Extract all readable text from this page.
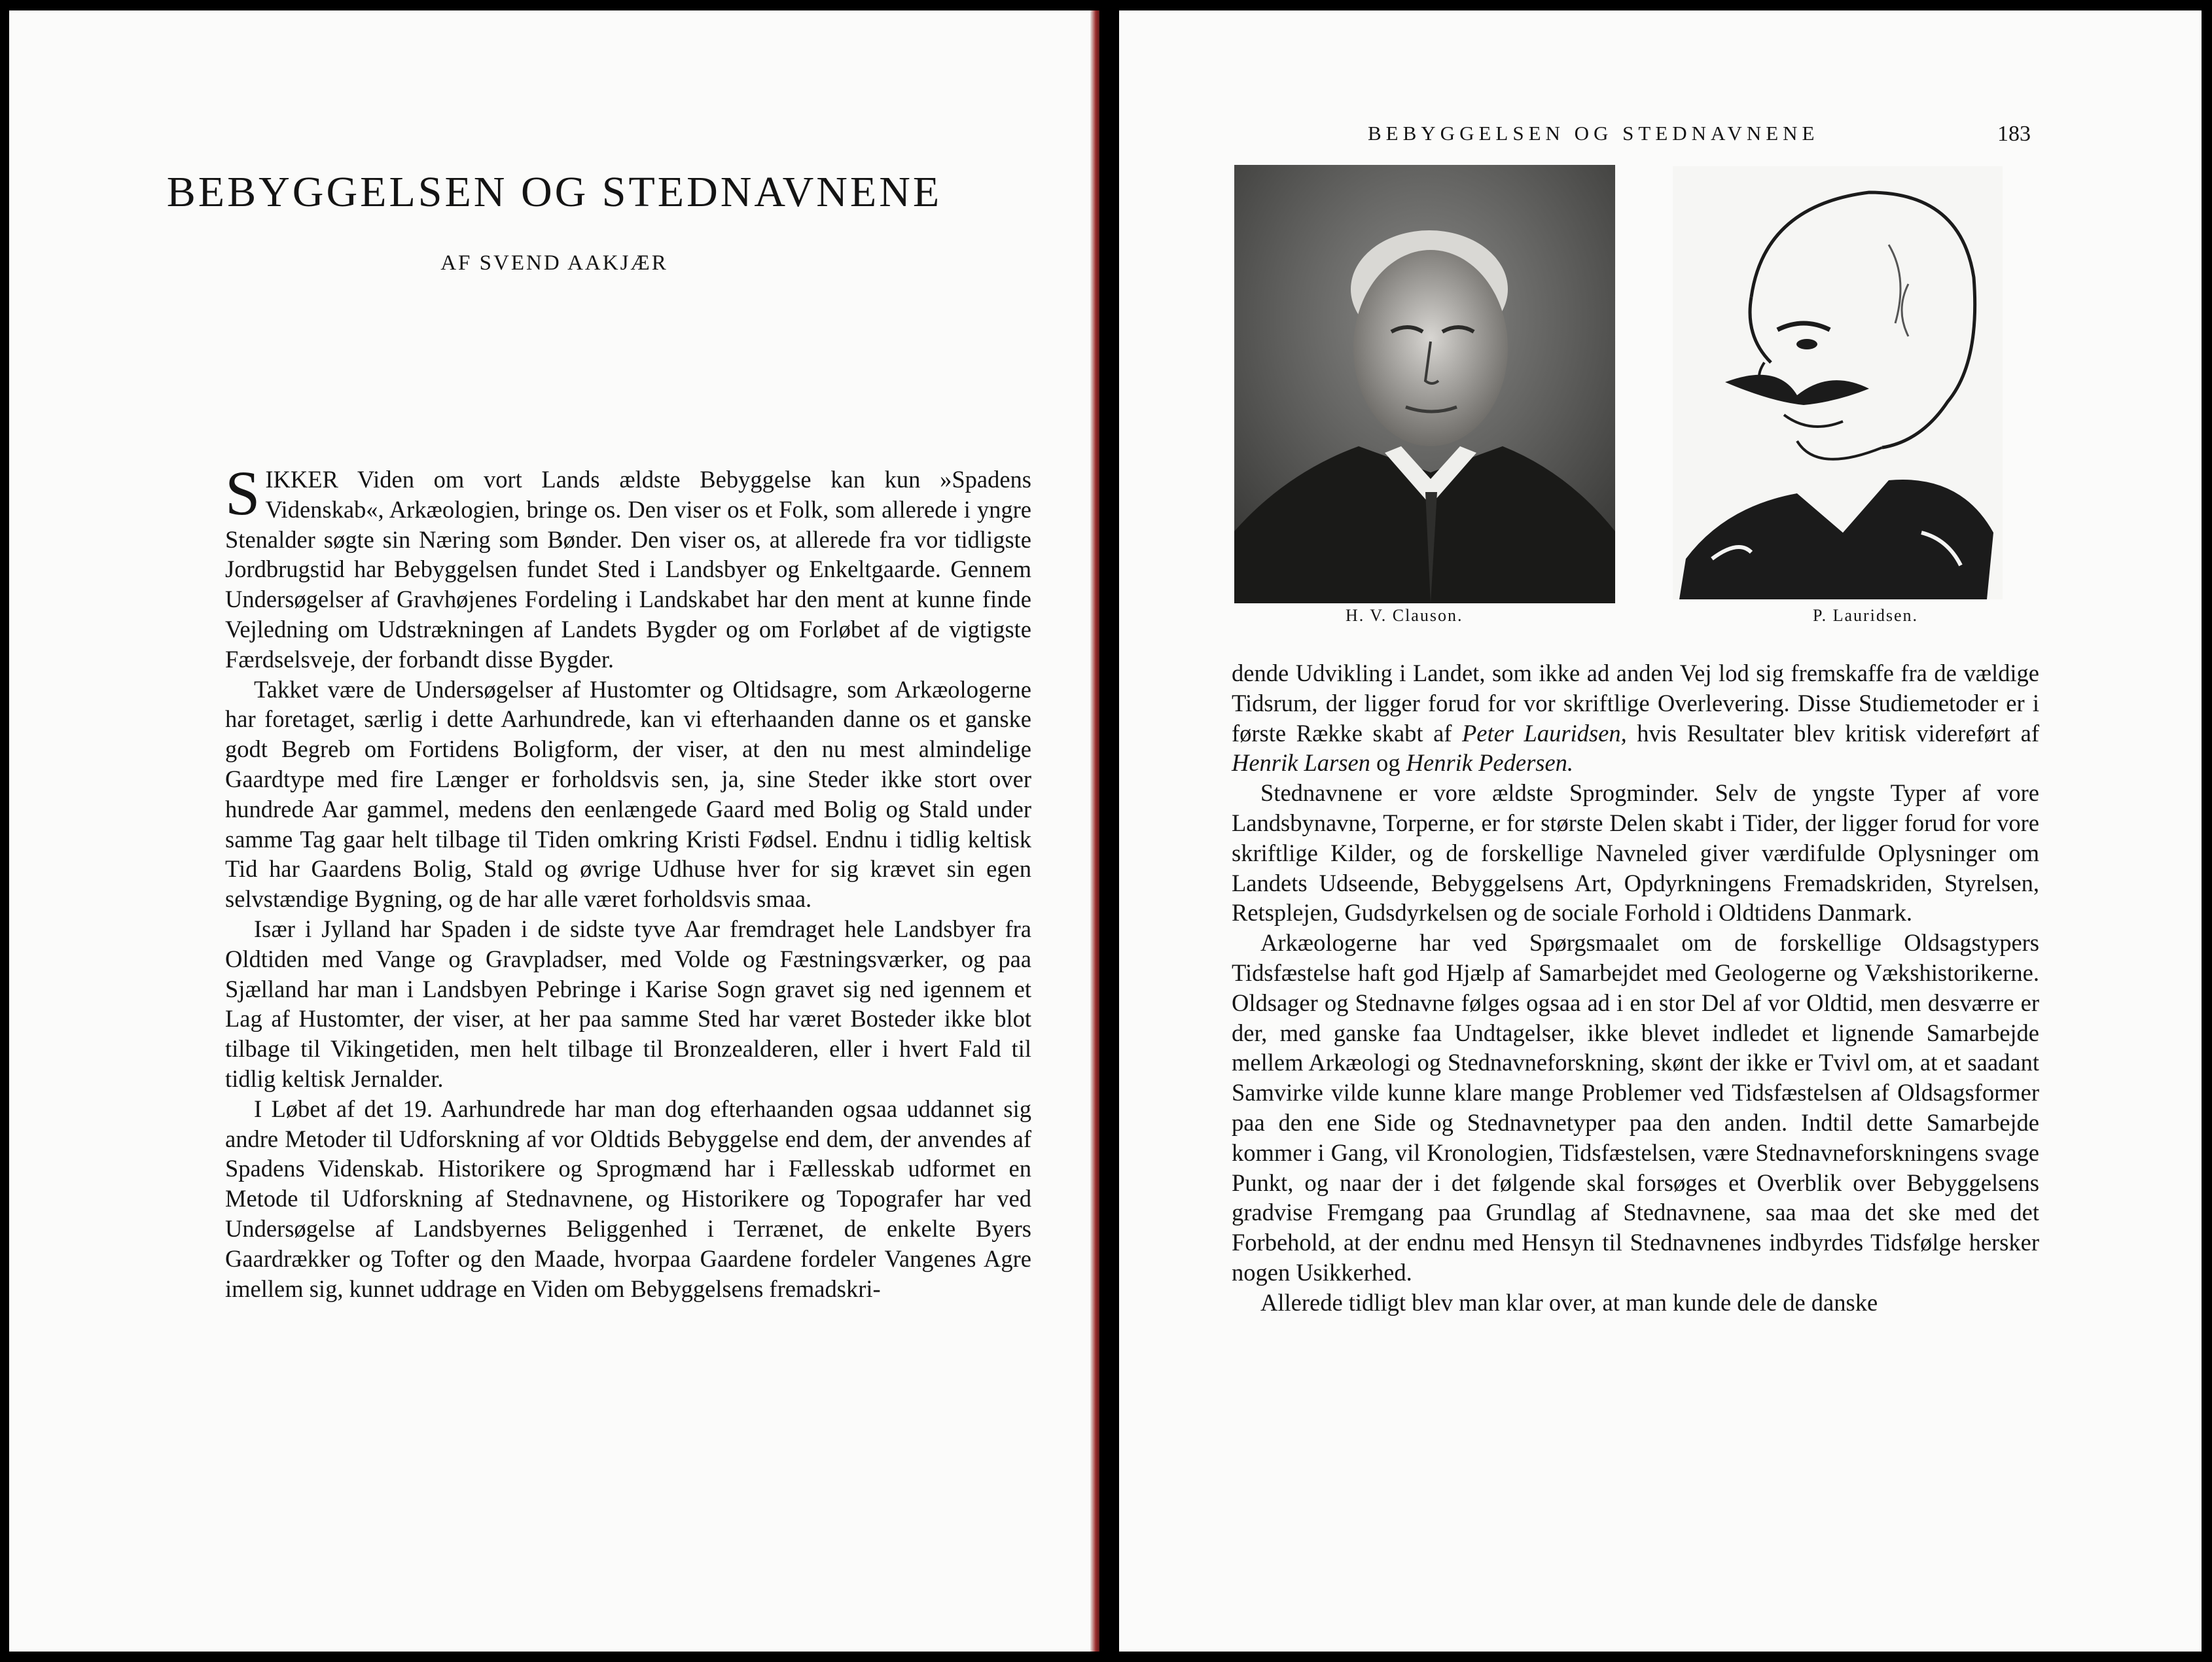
BEBYGGELSEN OG STEDNAVNENE
AF SVEND AAKJÆR

SIKKER Viden om vort Lands ældste Bebyggelse kan kun »Spadens Videnskab«, Arkæologien, bringe os. Den viser os et Folk, som allerede i yngre Stenalder søgte sin Næring som Bønder. Den viser os, at allerede fra vor tidligste Jordbrugstid har Bebyggelsen fundet Sted i Landsbyer og Enkeltgaarde. Gennem Undersøgelser af Gravhøjenes Fordeling i Landskabet har den ment at kunne finde Vejledning om Udstrækningen af Landets Bygder og om Forløbet af de vigtigste Færdselsveje, der forbandt disse Bygder.

Takket være de Undersøgelser af Hustomter og Oltidsagre, som Arkæologerne har foretaget, særlig i dette Aarhundrede, kan vi efterhaanden danne os et ganske godt Begreb om Fortidens Boligform, der viser, at den nu mest almindelige Gaardtype med fire Længer er forholdsvis sen, ja, sine Steder ikke stort over hundrede Aar gammel, medens den eenlængede Gaard med Bolig og Stald under samme Tag gaar helt tilbage til Tiden omkring Kristi Fødsel. Endnu i tidlig keltisk Tid har Gaardens Bolig, Stald og øvrige Udhuse hver for sig krævet sin egen selvstændige Bygning, og de har alle været forholdsvis smaa.

Især i Jylland har Spaden i de sidste tyve Aar fremdraget hele Landsbyer fra Oldtiden med Vange og Gravpladser, med Volde og Fæstningsværker, og paa Sjælland har man i Landsbyen Pebringe i Karise Sogn gravet sig ned igennem et Lag af Hustomter, der viser, at her paa samme Sted har været Bosteder ikke blot tilbage til Vikingetiden, men helt tilbage til Bronzealderen, eller i hvert Fald til tidlig keltisk Jernalder.

I Løbet af det 19. Aarhundrede har man dog efterhaanden ogsaa uddannet sig andre Metoder til Udforskning af vor Oldtids Bebyggelse end dem, der anvendes af Spadens Videnskab. Historikere og Sprogmænd har i Fællesskab udformet en Metode til Udforskning af Stednavnene, og Historikere og Topografer har ved Undersøgelse af Landsbyernes Beliggenhed i Terrænet, de enkelte Byers Gaardrækker og Tofter og den Maade, hvorpaa Gaardene fordeler Vangenes Agre imellem sig, kunnet uddrage en Viden om Bebyggelsens fremadskri-

BEBYGGELSEN OG STEDNAVNENE	183
H. V. Clauson.	P. Lauridsen.

dende Udvikling i Landet, som ikke ad anden Vej lod sig fremskaffe fra de vældige Tidsrum, der ligger forud for vor skriftlige Overlevering. Disse Studiemetoder er i første Række skabt af Peter Lauridsen, hvis Resultater blev kritisk videreført af Henrik Larsen og Henrik Pedersen.

Stednavnene er vore ældste Sprogminder. Selv de yngste Typer af vore Landsbynavne, Torperne, er for største Delen skabt i Tider, der ligger forud for vore skriftlige Kilder, og de forskellige Navneled giver værdifulde Oplysninger om Landets Udseende, Bebyggelsens Art, Opdyrkningens Fremadskriden, Styrelsen, Retsplejen, Gudsdyrkelsen og de sociale Forhold i Oldtidens Danmark.

Arkæologerne har ved Spørgsmaalet om de forskellige Oldsagstypers Tidsfæstelse haft god Hjælp af Samarbejdet med Geologerne og Vækshistorikerne. Oldsager og Stednavne følges ogsaa ad i en stor Del af vor Oldtid, men desværre er der, med ganske faa Undtagelser, ikke blevet indledet et lignende Samarbejde mellem Arkæologi og Stednavneforskning, skønt der ikke er Tvivl om, at et saadant Samvirke vilde kunne klare mange Problemer ved Tidsfæstelsen af Oldsagsformer paa den ene Side og Stednavnetyper paa den anden. Indtil dette Samarbejde kommer i Gang, vil Kronologien, Tidsfæstelsen, være Stednavneforskningens svage Punkt, og naar der i det følgende skal forsøges et Overblik over Bebyggelsens gradvise Fremgang paa Grundlag af Stednavnene, saa maa det ske med det Forbehold, at der endnu med Hensyn til Stednavnenes indbyrdes Tidsfølge hersker nogen Usikkerhed.

Allerede tidligt blev man klar over, at man kunde dele de danske
